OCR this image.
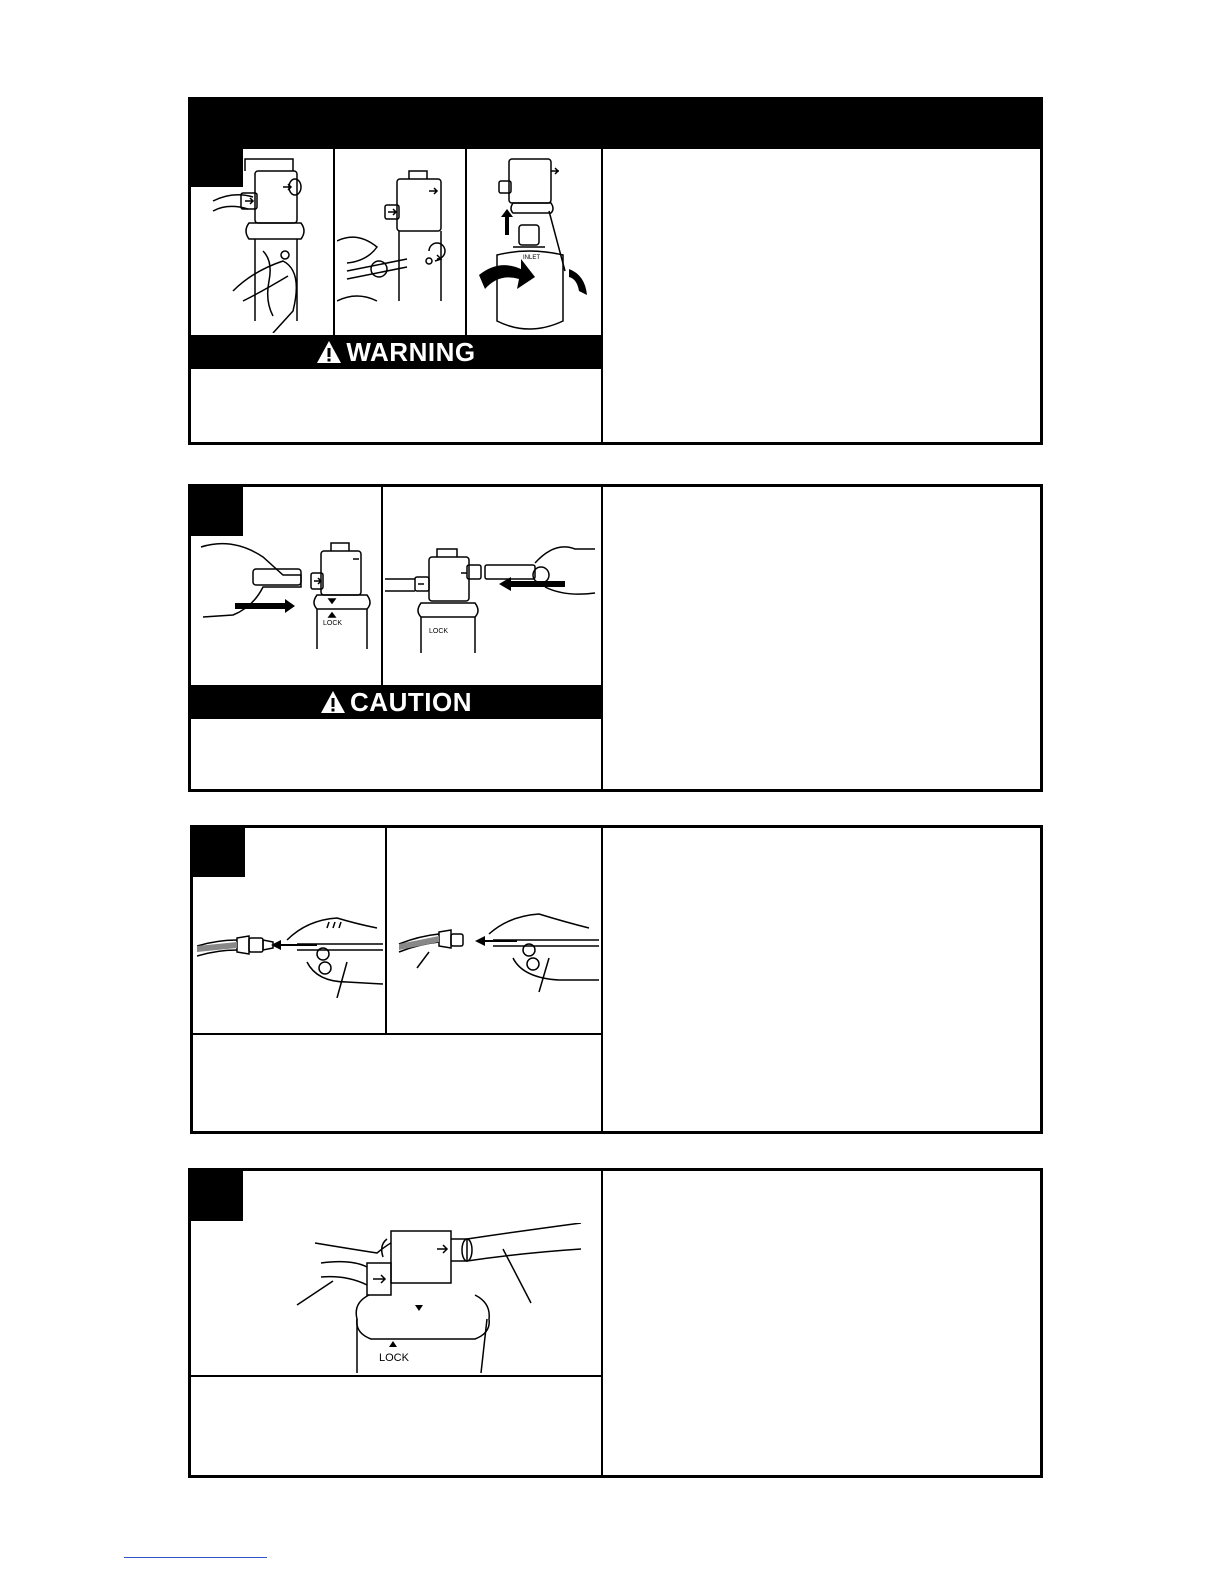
INLET
WARNING
LOCK
LOCK
CAUTION
LOCK
